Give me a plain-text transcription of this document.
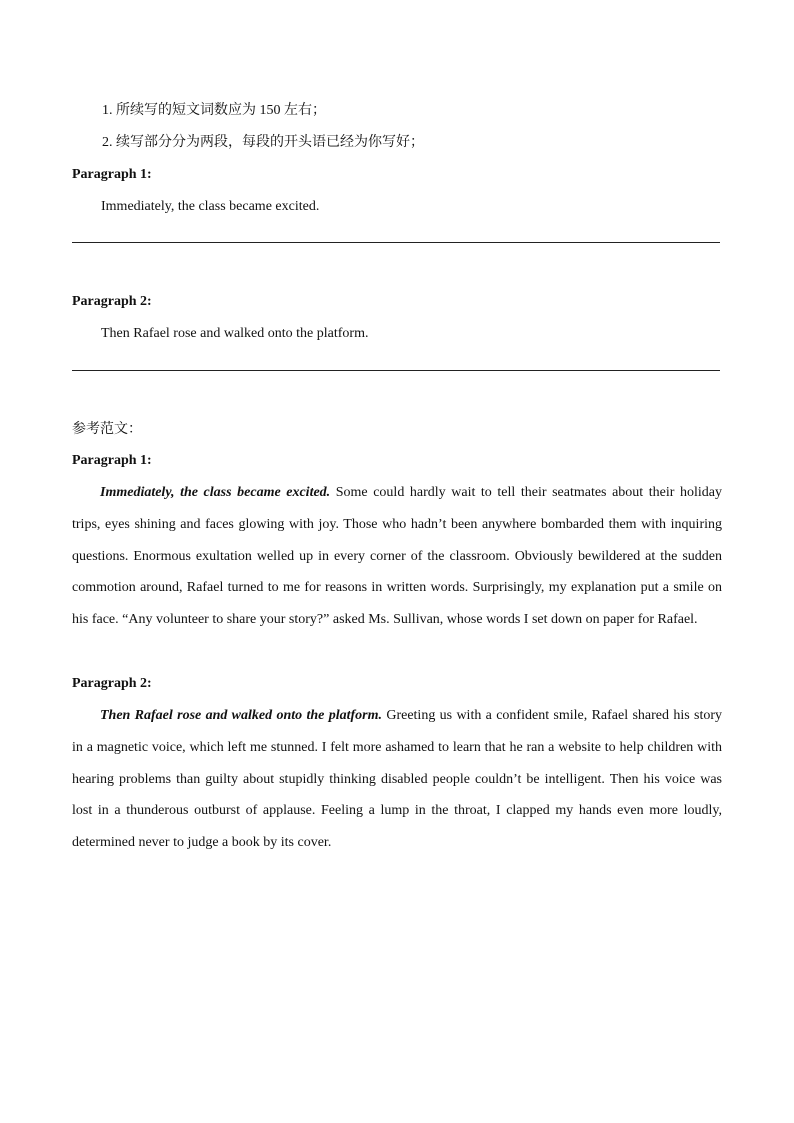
1. 所续写的短文词数应为 150 左右；
2. 续写部分分为两段，每段的开头语已经为你写好；
Paragraph 1:
Immediately, the class became excited.
Paragraph 2:
Then Rafael rose and walked onto the platform.
参考范文：
Paragraph 1:
Immediately, the class became excited. Some could hardly wait to tell their seatmates about their holiday trips, eyes shining and faces glowing with joy. Those who hadn’t been anywhere bombarded them with inquiring questions. Enormous exultation welled up in every corner of the classroom. Obviously bewildered at the sudden commotion around, Rafael turned to me for reasons in written words. Surprisingly, my explanation put a smile on his face. “Any volunteer to share your story?” asked Ms. Sullivan, whose words I set down on paper for Rafael.
Paragraph 2:
Then Rafael rose and walked onto the platform. Greeting us with a confident smile, Rafael shared his story in a magnetic voice, which left me stunned. I felt more ashamed to learn that he ran a website to help children with hearing problems than guilty about stupidly thinking disabled people couldn’t be intelligent. Then his voice was lost in a thunderous outburst of applause. Feeling a lump in the throat, I clapped my hands even more loudly, determined never to judge a book by its cover.
